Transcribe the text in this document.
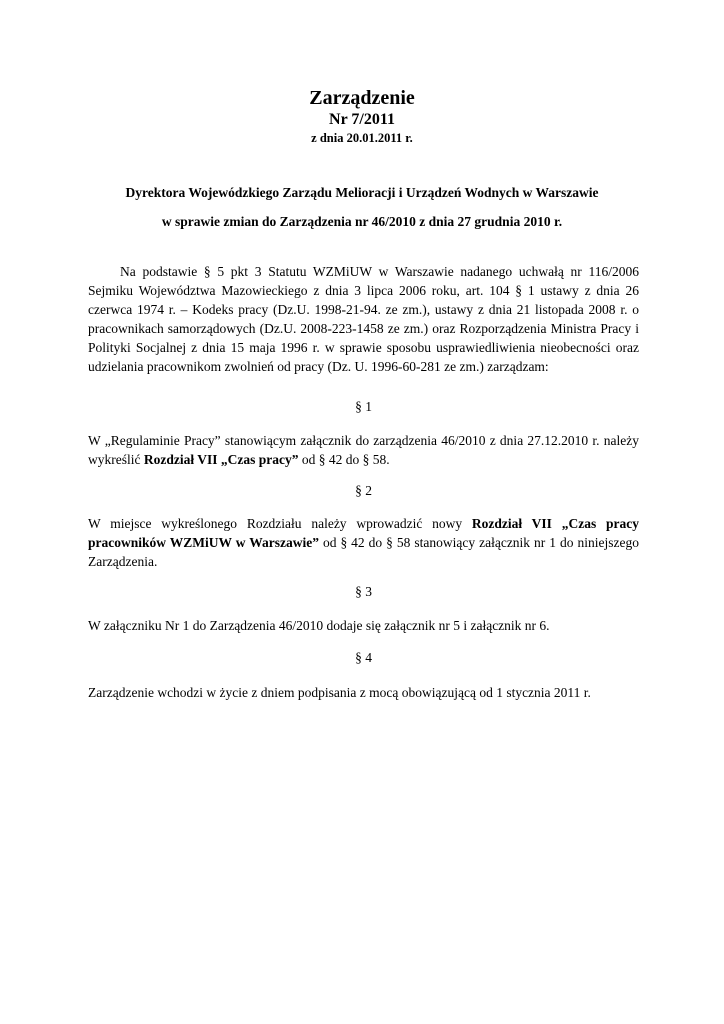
Zarządzenie
Nr 7/2011
z dnia 20.01.2011 r.
Dyrektora Wojewódzkiego Zarządu Melioracji i Urządzeń Wodnych w Warszawie
w sprawie zmian do Zarządzenia nr 46/2010 z dnia 27 grudnia 2010 r.
Na podstawie § 5 pkt 3 Statutu WZMiUW w Warszawie nadanego uchwałą nr 116/2006 Sejmiku Województwa Mazowieckiego z dnia 3 lipca 2006 roku, art. 104 § 1 ustawy z dnia 26 czerwca 1974 r. – Kodeks pracy (Dz.U. 1998-21-94. ze zm.), ustawy z dnia 21 listopada 2008 r. o pracownikach samorządowych (Dz.U. 2008-223-1458 ze zm.) oraz Rozporządzenia Ministra Pracy i Polityki Socjalnej z dnia 15 maja 1996 r. w sprawie sposobu usprawiedliwienia nieobecności oraz udzielania pracownikom zwolnień od pracy (Dz. U. 1996-60-281 ze zm.) zarządzam:
§ 1
W „Regulaminie Pracy” stanowiącym załącznik do zarządzenia 46/2010 z dnia 27.12.2010 r. należy wykreślić Rozdział VII „Czas pracy” od § 42 do § 58.
§ 2
W miejsce wykreślonego Rozdziału należy wprowadzić nowy Rozdział VII „Czas pracy pracowników WZMiUW w Warszawie” od § 42 do § 58 stanowiący załącznik nr 1 do niniejszego Zarządzenia.
§ 3
W załączniku Nr 1 do Zarządzenia 46/2010 dodaje się załącznik nr 5 i załącznik nr 6.
§ 4
Zarządzenie wchodzi w życie z dniem podpisania z mocą obowiązującą od 1 stycznia 2011 r.
